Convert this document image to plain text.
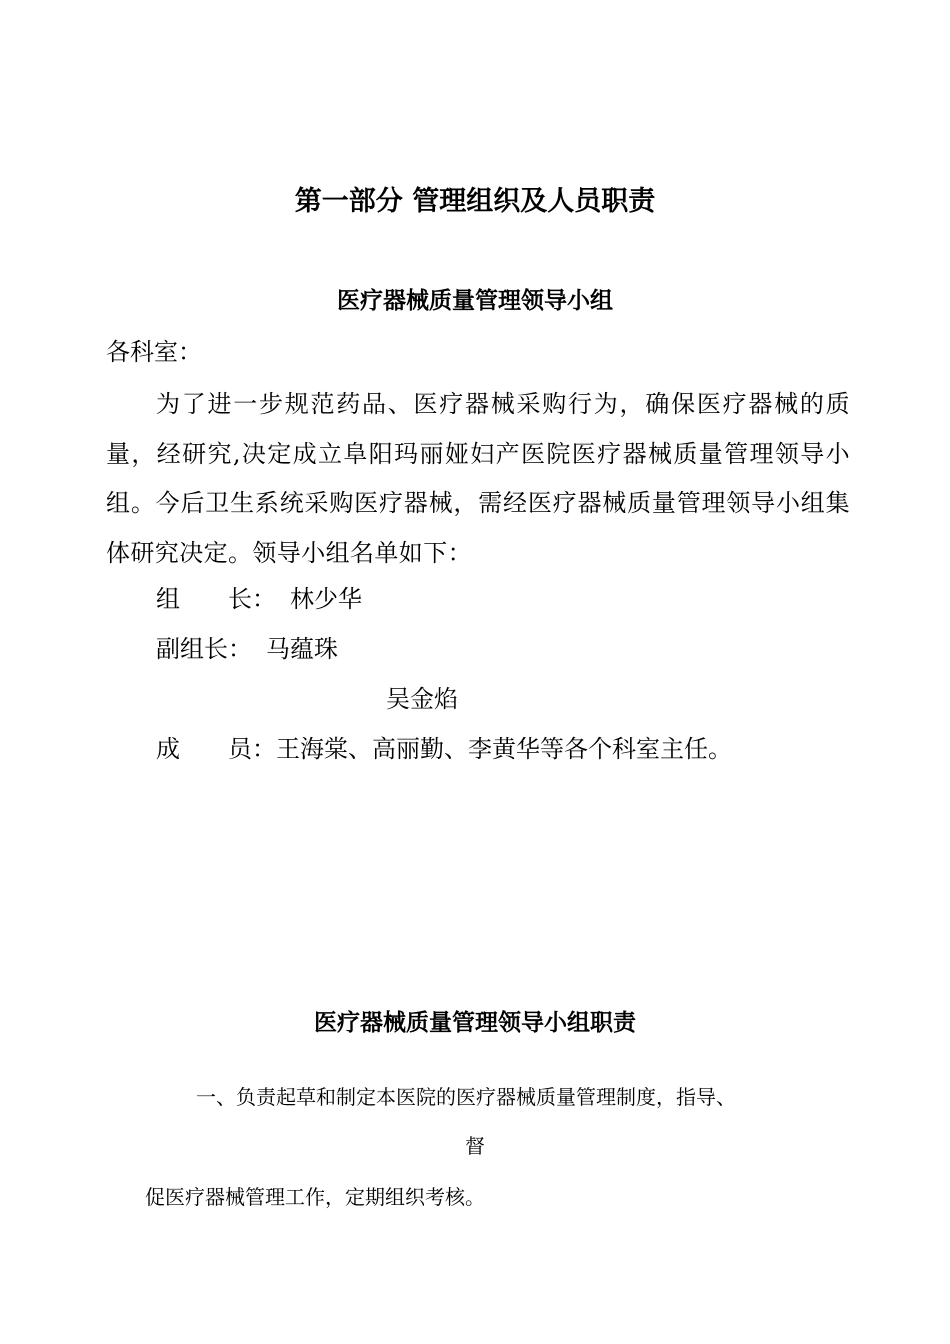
第一部分 管理组织及人员职责
医疗器械质量管理领导小组
各科室：
为了进一步规范药品、医疗器械采购行为，确保医疗器械的质量，经研究,决定成立阜阳玛丽娅妇产医院医疗器械质量管理领导小组。今后卫生系统采购医疗器械，需经医疗器械质量管理领导小组集体研究决定。领导小组名单如下：
组　　长： 林少华
副组长： 马蕴珠
吴金焰
成　　员：王海棠、高丽勤、李黄华等各个科室主任。
医疗器械质量管理领导小组职责
一、负责起草和制定本医院的医疗器械质量管理制度，指导、
督
促医疗器械管理工作，定期组织考核。
